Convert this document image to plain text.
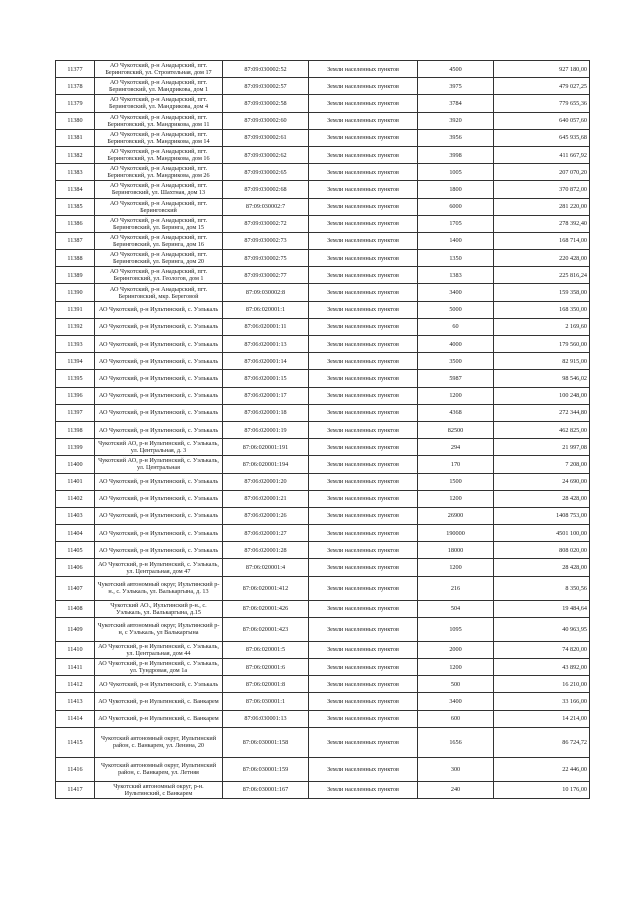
11377	АО Чукотский, р-н Анадырский, пгт. Беринговский, ул. Строительная, дом 17	87:09:030002:52	Земли населенных пунктов	4500	927 180,00
11378	АО Чукотский, р-н Анадырский, пгт. Беринговский, ул. Мандрикова, дом 1	87:09:030002:57	Земли населенных пунктов	3975	479 027,25
11379	АО Чукотский, р-н Анадырский, пгт. Беринговский, ул. Мандрикова, дом 4	87:09:030002:58	Земли населенных пунктов	3784	779 655,36
11380	АО Чукотский, р-н Анадырский, пгт. Беринговский, ул. Мандрикова, дом 11	87:09:030002:60	Земли населенных пунктов	3920	640 057,60
11381	АО Чукотский, р-н Анадырский, пгт. Беринговский, ул. Мандрикова, дом 14	87:09:030002:61	Земли населенных пунктов	3956	645 935,68
11382	АО Чукотский, р-н Анадырский, пгт. Беринговский, ул. Мандрикова, дом 16	87:09:030002:62	Земли населенных пунктов	3998	411 667,92
11383	АО Чукотский, р-н Анадырский, пгт. Беринговский, ул. Мандрикова, дом 26	87:09:030002:65	Земли населенных пунктов	1005	207 070,20
11384	АО Чукотский, р-н Анадырский, пгт. Беринговский, ул. Шахтная, дом 13	87:09:030002:68	Земли населенных пунктов	1800	370 872,00
11385	АО Чукотский, р-н Анадырский, пгт. Беринговский	87:09:030002:7	Земли населенных пунктов	6000	281 220,00
11386	АО Чукотский, р-н Анадырский, пгт. Беринговский, ул. Беринга, дом 15	87:09:030002:72	Земли населенных пунктов	1705	278 392,40
11387	АО Чукотский, р-н Анадырский, пгт. Беринговский, ул. Беринга, дом 16	87:09:030002:73	Земли населенных пунктов	1400	168 714,00
11388	АО Чукотский, р-н Анадырский, пгт. Беринговский, ул. Беринга, дом 20	87:09:030002:75	Земли населенных пунктов	1350	220 428,00
11389	АО Чукотский, р-н Анадырский, пгт. Беринговский, ул. Геологов, дом 1	87:09:030002:77	Земли населенных пунктов	1383	225 816,24
11390	АО Чукотский, р-н Анадырский, пгт. Беринговский, мкр. Береговой	87:09:030002:8	Земли населенных пунктов	3400	159 358,00
11391	АО Чукотский, р-н Иультинский, с. Уэлькаль	87:06:020001:1	Земли населенных пунктов	5000	168 350,00
11392	АО Чукотский, р-н Иультинский, с. Уэлькаль	87:06:020001:11	Земли населенных пунктов	60	2 169,60
11393	АО Чукотский, р-н Иультинский, с. Уэлькаль	87:06:020001:13	Земли населенных пунктов	4000	179 560,00
11394	АО Чукотский, р-н Иультинский, с. Уэлькаль	87:06:020001:14	Земли населенных пунктов	3500	82 915,00
11395	АО Чукотский, р-н Иультинский, с. Уэлькаль	87:06:020001:15	Земли населенных пунктов	5987	98 546,02
11396	АО Чукотский, р-н Иультинский, с. Уэлькаль	87:06:020001:17	Земли населенных пунктов	1200	100 248,00
11397	АО Чукотский, р-н Иультинский, с. Уэлькаль	87:06:020001:18	Земли населенных пунктов	4368	272 344,80
11398	АО Чукотский, р-н Иультинский, с. Уэлькаль	87:06:020001:19	Земли населенных пунктов	82500	462 825,00
11399	Чукотский АО, р-н Иультинский, с. Уэлькаль, ул. Центральная, д. 3	87:06:020001:191	Земли населенных пунктов	294	21 997,08
11400	Чукотский АО, р-н Иультинский, с. Уэлькаль, ул. Центральная	87:06:020001:194	Земли населенных пунктов	170	7 208,00
11401	АО Чукотский, р-н Иультинский, с. Уэлькаль	87:06:020001:20	Земли населенных пунктов	1500	24 690,00
11402	АО Чукотский, р-н Иультинский, с. Уэлькаль	87:06:020001:21	Земли населенных пунктов	1200	28 428,00
11403	АО Чукотский, р-н Иультинский, с. Уэлькаль	87:06:020001:26	Земли населенных пунктов	26900	1408 753,00
11404	АО Чукотский, р-н Иультинский, с. Уэлькаль	87:06:020001:27	Земли населенных пунктов	190000	4501 100,00
11405	АО Чукотский, р-н Иультинский, с. Уэлькаль	87:06:020001:28	Земли населенных пунктов	18000	808 020,00
11406	АО Чукотский, р-н Иультинский, с. Уэлькаль, ул. Центральная, дом 47	87:06:020001:4	Земли населенных пунктов	1200	28 428,00
11407	Чукотский автономный округ, Иультинский р-н., с. Уэлькаль, ул. Валькаргына, д. 13	87:06:020001:412	Земли населенных пунктов	216	8 350,56
11408	Чукотский АО., Иультинский р-н., с. Уэлькаль, ул. Валькаргына, д.15	87:06:020001:426	Земли населенных пунктов	504	19 484,64
11409	Чукотский автономный округ, Иультинский р-н, с Уэлькаль, ул Валькаргына	87:06:020001:423	Земли населенных пунктов	1095	40 963,95
11410	АО Чукотский, р-н Иультинский, с. Уэлькаль, ул. Центральная, дом 44	87:06:020001:5	Земли населенных пунктов	2000	74 820,00
11411	АО Чукотский, р-н Иультинский, с. Уэлькаль, ул. Тундровая, дом 1а	87:06:020001:6	Земли населенных пунктов	1200	43 892,00
11412	АО Чукотский, р-н Иультинский, с. Уэлькаль	87:06:020001:8	Земли населенных пунктов	500	16 210,00
11413	АО Чукотский, р-н Иультинский, с. Ванкарем	87:06:030001:1	Земли населенных пунктов	3400	33 166,00
11414	АО Чукотский, р-н Иультинский, с. Ванкарем	87:06:030001:13	Земли населенных пунктов	600	14 214,00
11415	Чукотский автономный округ, Иультинский район, с. Ванкарем, ул. Ленина, 20	87:06:030001:158	Земли населенных пунктов	1656	86 724,72
11416	Чукотский автономный округ, Иультинский район, с. Ванкарем, ул. Летняя	87:06:030001:159	Земли населенных пунктов	300	22 446,00
11417	Чукотский автономный округ, р-н. Иультинский, с Ванкарем	87:06:030001:167	Земли населенных пунктов	240	10 176,00
